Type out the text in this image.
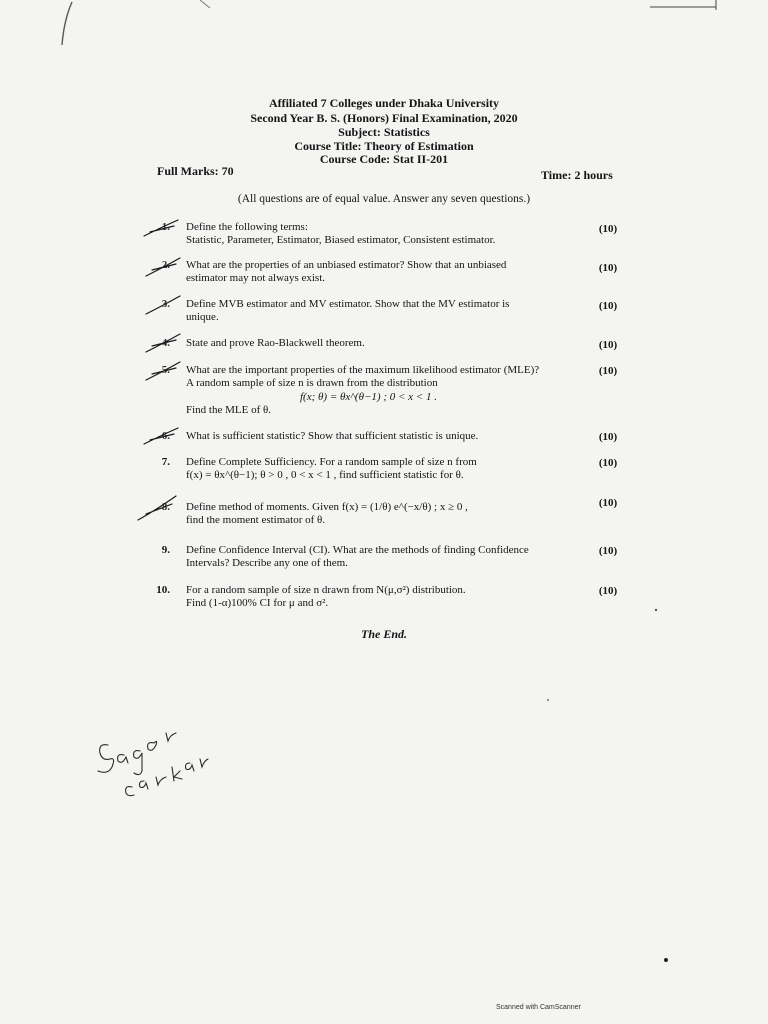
Affiliated 7 Colleges under Dhaka University
Second Year B. S. (Honors) Final Examination, 2020
Subject: Statistics
Course Title: Theory of Estimation
Course Code: Stat II-201
Full Marks: 70	Time: 2 hours
(All questions are of equal value. Answer any seven questions.)
1. Define the following terms:
Statistic, Parameter, Estimator, Biased estimator, Consistent estimator.
(10)
2. What are the properties of an unbiased estimator? Show that an unbiased
estimator may not always exist.
(10)
3. Define MVB estimator and MV estimator. Show that the MV estimator is
unique.
(10)
4. State and prove Rao-Blackwell theorem.	(10)
5. What are the important properties of the maximum likelihood estimator (MLE)?
A random sample of size n is drawn from the distribution
f(x; θ) = θx^(θ−1) ; 0 < x < 1 .
Find the MLE of θ.
(10)
6. What is sufficient statistic? Show that sufficient statistic is unique.	(10)
7. Define Complete Sufficiency. For a random sample of size n from
f(x) = θx^(θ−1); θ > 0 , 0 < x < 1 , find sufficient statistic for θ.
(10)
8. Define method of moments. Given f(x) = (1/θ) e^(−x/θ) ; x ≥ 0 ,
find the moment estimator of θ.
(10)
9. Define Confidence Interval (CI). What are the methods of finding Confidence
Intervals? Describe any one of them.
(10)
10. For a random sample of size n drawn from N(μ,σ²) distribution.
Find (1-α)100% CI for μ and σ².
(10)
The End.
Scanned with CamScanner
